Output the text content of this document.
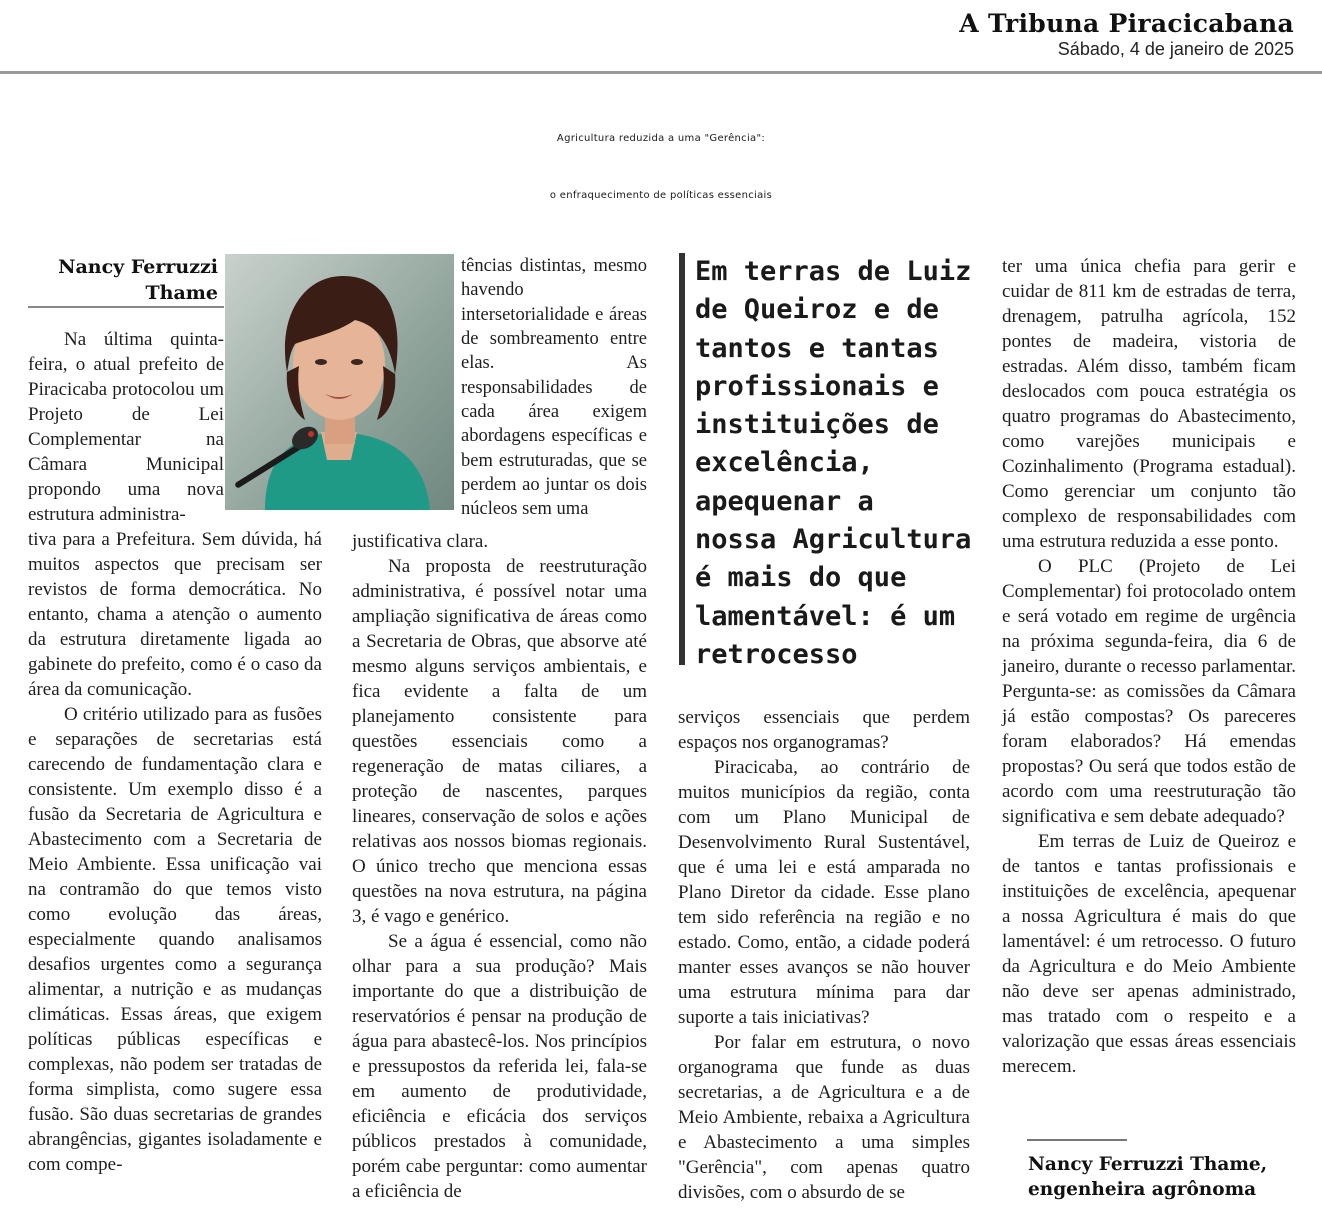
A Tribuna Piracicabana
Sábado, 4 de janeiro de 2025
Agricultura reduzida a uma "Gerência":
o enfraquecimento de políticas essenciais
Nancy Ferruzzi
Thame

Na última quinta-feira, o atual prefeito de Piracicaba protocolou um Projeto de Lei Complementar na Câmara Municipal propondo uma nova estrutura administra-

tiva para a Prefeitura. Sem dúvida, há muitos aspectos que precisam ser revistos de forma democrática. No entanto, chama a atenção o aumento da estrutura diretamente ligada ao gabinete do prefeito, como é o caso da área da comunicação.

O critério utilizado para as fusões e separações de secretarias está carecendo de fundamentação clara e consistente. Um exemplo disso é a fusão da Secretaria de Agricultura e Abastecimento com a Secretaria de Meio Ambiente. Essa unificação vai na contramão do que temos visto como evolução das áreas, especialmente quando analisamos desafios urgentes como a segurança alimentar, a nutrição e as mudanças climáticas. Essas áreas, que exigem políticas públicas específicas e complexas, não podem ser tratadas de forma simplista, como sugere essa fusão. São duas secretarias de grandes abrangências, gigantes isoladamente e com compe-

tências distintas, mesmo havendo intersetorialidade e áreas de sombreamento entre elas. As responsabilidades de cada área exigem abordagens específicas e bem estruturadas, que se perdem ao juntar os dois núcleos sem uma

justificativa clara.

Na proposta de reestruturação administrativa, é possível notar uma ampliação significativa de áreas como a Secretaria de Obras, que absorve até mesmo alguns serviços ambientais, e fica evidente a falta de um planejamento consistente para questões essenciais como a regeneração de matas ciliares, a proteção de nascentes, parques lineares, conservação de solos e ações relativas aos nossos biomas regionais. O único trecho que menciona essas questões na nova estrutura, na página 3, é vago e genérico.

Se a água é essencial, como não olhar para a sua produção? Mais importante do que a distribuição de reservatórios é pensar na produção de água para abastecê-los. Nos princípios e pressupostos da referida lei, fala-se em aumento de produtividade, eficiência e eficácia dos serviços públicos prestados à comunidade, porém cabe perguntar: como aumentar a eficiência de

Em terras de Luiz
de Queiroz e de
tantos e tantas
profissionais e
instituições de
excelência,
apequenar a
nossa Agricultura
é mais do que
lamentável: é um
retrocesso

serviços essenciais que perdem espaços nos organogramas?

Piracicaba, ao contrário de muitos municípios da região, conta com um Plano Municipal de Desenvolvimento Rural Sustentável, que é uma lei e está amparada no Plano Diretor da cidade. Esse plano tem sido referência na região e no estado. Como, então, a cidade poderá manter esses avanços se não houver uma estrutura mínima para dar suporte a tais iniciativas?

Por falar em estrutura, o novo organograma que funde as duas secretarias, a de Agricultura e a de Meio Ambiente, rebaixa a Agricultura e Abastecimento a uma simples "Gerência", com apenas quatro divisões, com o absurdo de se

ter uma única chefia para gerir e cuidar de 811 km de estradas de terra, drenagem, patrulha agrícola, 152 pontes de madeira, vistoria de estradas. Além disso, também ficam deslocados com pouca estratégia os quatro programas do Abastecimento, como varejões municipais e Cozinhalimento (Programa estadual). Como gerenciar um conjunto tão complexo de responsabilidades com uma estrutura reduzida a esse ponto.

O PLC (Projeto de Lei Complementar) foi protocolado ontem e será votado em regime de urgência na próxima segunda-feira, dia 6 de janeiro, durante o recesso parlamentar. Pergunta-se: as comissões da Câmara já estão compostas? Os pareceres foram elaborados? Há emendas propostas? Ou será que todos estão de acordo com uma reestruturação tão significativa e sem debate adequado?

Em terras de Luiz de Queiroz e de tantos e tantas profissionais e instituições de excelência, apequenar a nossa Agricultura é mais do que lamentável: é um retrocesso. O futuro da Agricultura e do Meio Ambiente não deve ser apenas administrado, mas tratado com o respeito e a valorização que essas áreas essenciais merecem.

Nancy Ferruzzi Thame,
engenheira agrônoma
